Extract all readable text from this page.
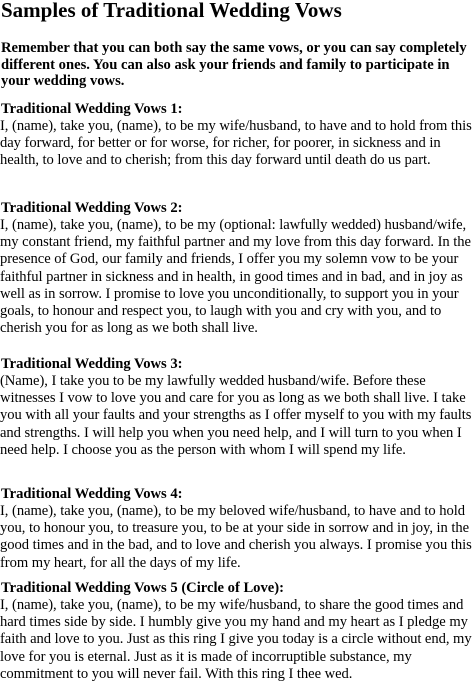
Samples of Traditional Wedding Vows

Remember that you can both say the same vows, or you can say completely different ones. You can also ask your friends and family to participate in your wedding vows.

Traditional Wedding Vows 1:
I, (name), take you, (name), to be my wife/husband, to have and to hold from this day forward, for better or for worse, for richer, for poorer, in sickness and in health, to love and to cherish; from this day forward until death do us part.
Traditional Wedding Vows 2:
I, (name), take you, (name), to be my (optional: lawfully wedded) husband/wife, my constant friend, my faithful partner and my love from this day forward. In the presence of God, our family and friends, I offer you my solemn vow to be your faithful partner in sickness and in health, in good times and in bad, and in joy as well as in sorrow. I promise to love you unconditionally, to support you in your goals, to honour and respect you, to laugh with you and cry with you, and to cherish you for as long as we both shall live.
Traditional Wedding Vows 3:
(Name), I take you to be my lawfully wedded husband/wife. Before these witnesses I vow to love you and care for you as long as we both shall live. I take you with all your faults and your strengths as I offer myself to you with my faults and strengths. I will help you when you need help, and I will turn to you when I need help. I choose you as the person with whom I will spend my life.
Traditional Wedding Vows 4:
I, (name), take you, (name), to be my beloved wife/husband, to have and to hold you, to honour you, to treasure you, to be at your side in sorrow and in joy, in the good times and in the bad, and to love and cherish you always. I promise you this from my heart, for all the days of my life.
Traditional Wedding Vows 5 (Circle of Love):
I, (name), take you, (name), to be my wife/husband, to share the good times and hard times side by side. I humbly give you my hand and my heart as I pledge my faith and love to you. Just as this ring I give you today is a circle without end, my love for you is eternal. Just as it is made of incorruptible substance, my commitment to you will never fail. With this ring I thee wed.
